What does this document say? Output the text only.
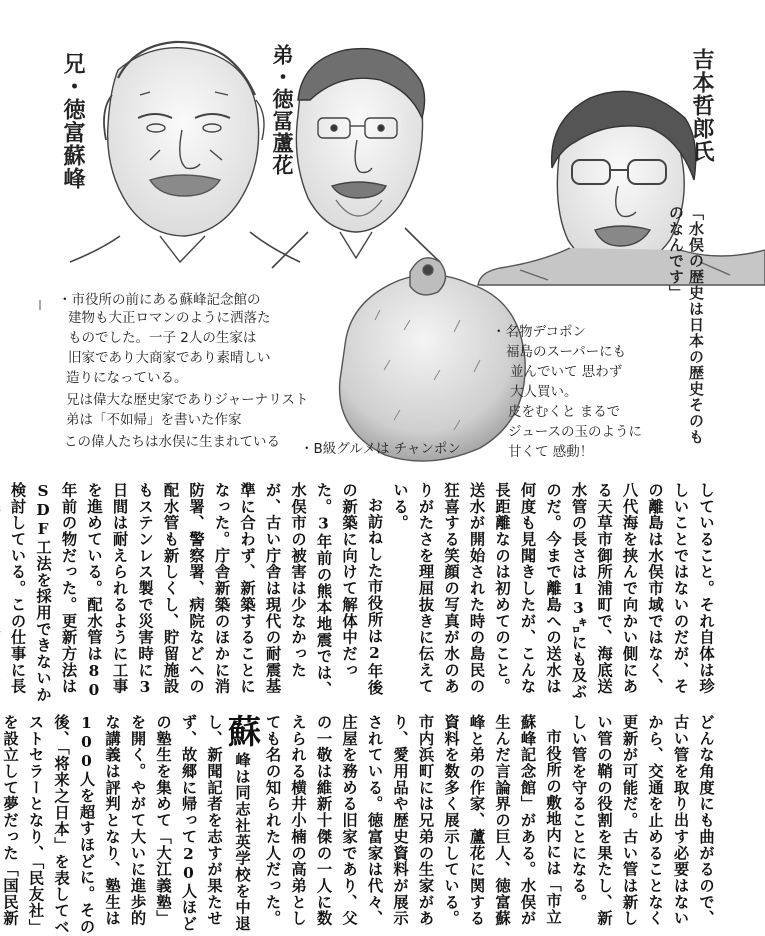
兄・徳富蘇峰	弟・徳冨蘆花	吉本哲郎氏
「水俣の歴史は日本の歴史そのものなんです」
・市役所の前にある蘇峰記念館の
建物も大正ロマンのように洒落た
ものでした。一子 2人の生家は
旧家であり大商家であり素晴しい
造りになっている。
兄は偉大な歴史家でありジャーナリスト
弟は「不如帰」を書いた作家
この偉人たちは水俣に生まれている ・B級グルメは チャンポン
・名物デコポン
福島のスーパーにも
並んでいて 思わず
大人買い。
皮をむくと まるで
ジュースの玉のように
甘くて 感動！

していること。それ自体は珍しいことではないのだが、その離島は水俣市域ではなく、八代海を挟んで向かい側にある天草市御所浦町で、海底送水管の長さは13㌔にも及ぶのだ。今まで離島への送水は何度も見聞きしたが、こんな長距離なのは初めてのこと。送水が開始された時の島民の狂喜する笑顔の写真が水のありがたさを理屈抜きに伝えている。

お訪ねした市役所は2年後の新築に向けて解体中だった。3年前の熊本地震では、水俣市の被害は少なかったが、古い庁舎は現代の耐震基準に合わず、新築することになった。庁舎新築のほかに消防署、警察署、病院などへの配水管も新しくし、貯留施設もステンレス製で災害時に3日間は耐えられるように工事を進めている。配水管は80年前の物だった。更新方法はSDF工法を採用できないか検討している。この仕事に長

どんな角度にも曲がるので、古い管を取り出す必要はないから、交通を止めることなく更新が可能だ。古い管は新しい管の鞘の役割を果たし、新しい管を守ることになる。

市役所の敷地内には「市立蘇峰記念館」がある。水俣が生んだ言論界の巨人、徳富蘇峰と弟の作家、蘆花に関する資料を数多く展示している。市内浜町には兄弟の生家があり、愛用品や歴史資料が展示されている。徳富家は代々、庄屋を務める旧家であり、父の一敬は維新十傑の一人に数えられる横井小楠の高弟としても名の知られた人だった。

蘇峰は同志社英学校を中退し、新聞記者を志すが果たせず、故郷に帰って20人ほどの塾生を集めて「大江義塾」を開く。やがて大いに進歩的な講義は評判となり、塾生は100人を超すほどに。その後、「将来之日本」を表してベストセラーとなり、「民友社」を設立して夢だった「国民新
